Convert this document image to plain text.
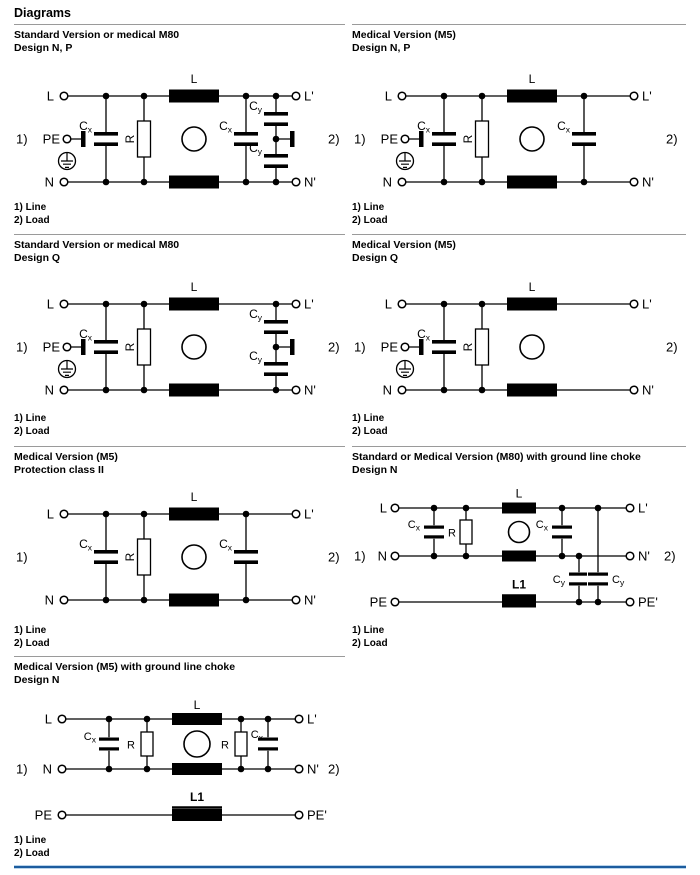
Diagrams
Standard Version or medical M80
Design N, P
Medical Version (M5)
Design N, P
Standard Version or medical M80
Design Q
Medical Version (M5)
Design Q
Medical Version (M5)
Protection class II
Standard or Medical Version (M80) with ground line choke
Design N
Medical Version (M5) with ground line choke
Design N
L	L'
N	N'
1) PE	2)
L
R
$C_x$	$C_x$
$C_y$
$C_y$
L	L'
N	N'
1) PE	2)
L
R
$C_x$	$C_x$
L	L'
N	N'
1) PE	2)
L
R
$C_x$
$C_y$
$C_y$
L	L'
N	N'
1) PE	2)
L
R
$C_x$
L	L'
N	N'
1)	2)
L
R
$C_x$	$C_x$
L	L'
N	N'
PE	PE'
1)	2)
L
L1
R
$C_x$	$C_x$
$C_y$	$C_y$
L	L'
N	N'
PE	PE'
1)	2)
L
L1
R	R
$C_x$	$C_x$
1) Line
2) Load
1) Line
2) Load
1) Line
2) Load
1) Line
2) Load
1) Line
2) Load
1) Line
2) Load
1) Line
2) Load
